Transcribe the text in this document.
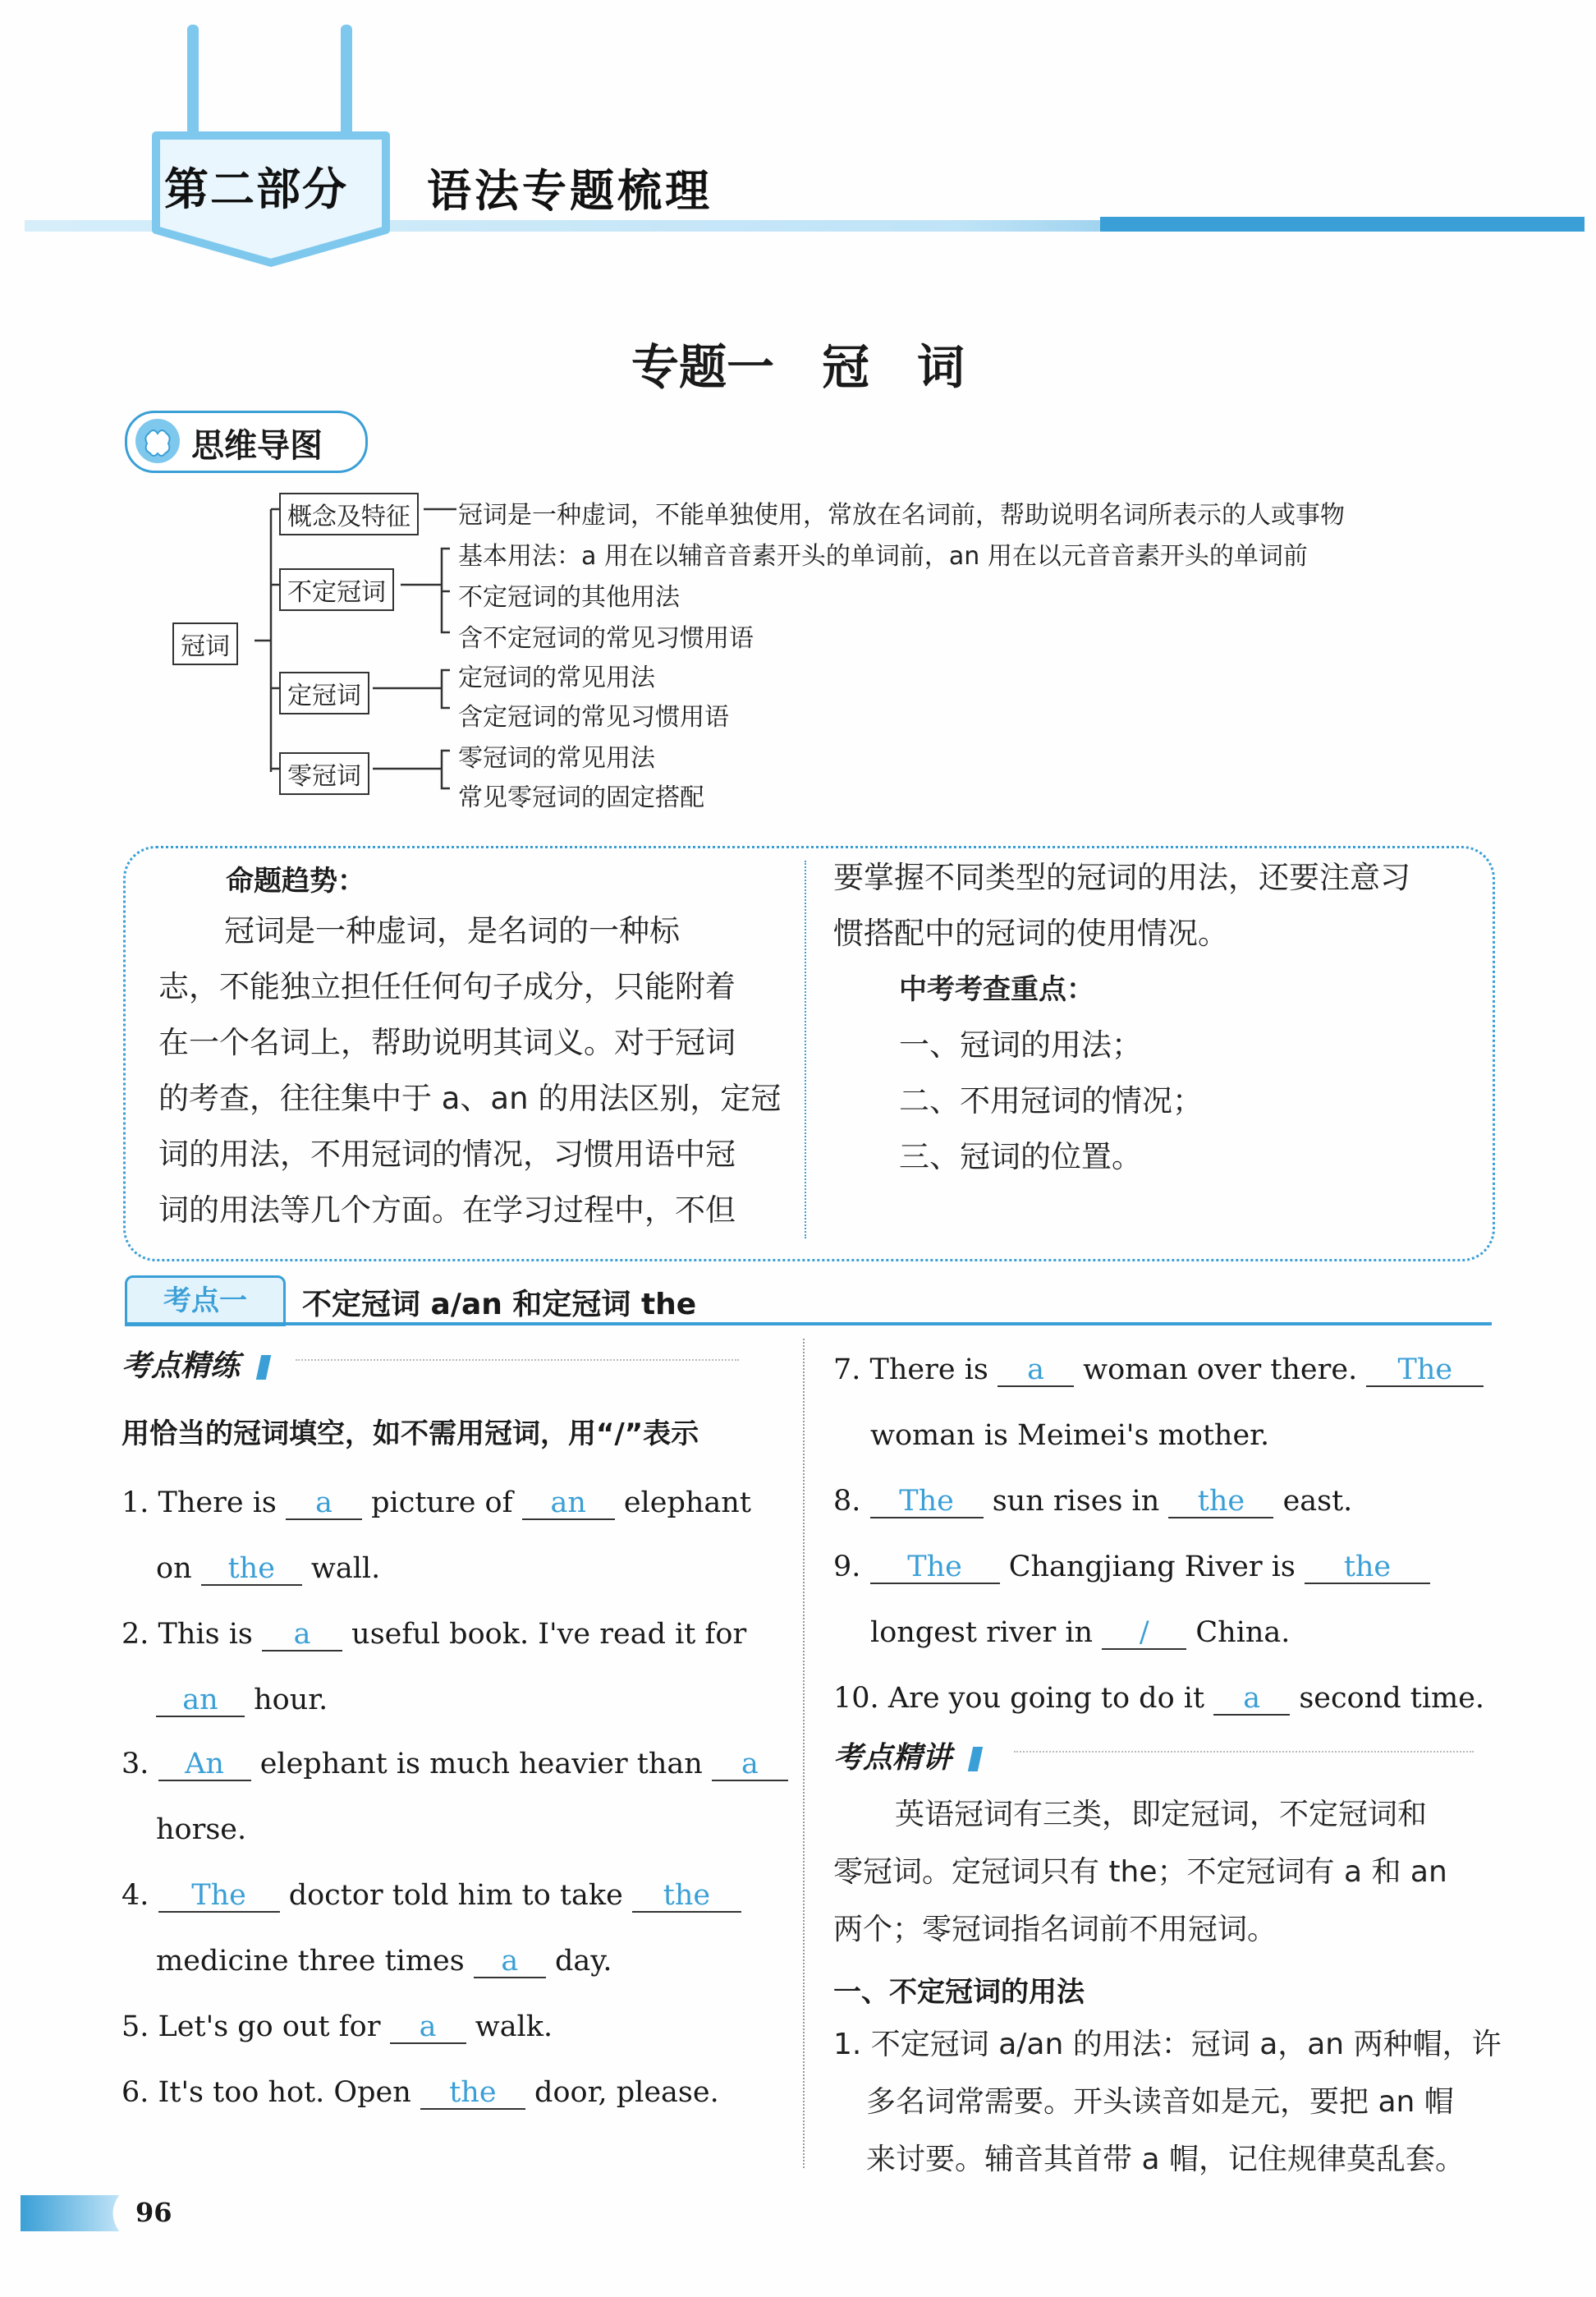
第二部分 语法专题梳理
专题一　冠　词
思维导图
冠词
概念及特征
不定冠词
定冠词
零冠词
冠词是一种虚词，不能单独使用，常放在名词前，帮助说明名词所表示的人或事物
基本用法：a 用在以辅音音素开头的单词前，an 用在以元音音素开头的单词前
不定冠词的其他用法
含不定冠词的常见习惯用语
定冠词的常见用法
含定冠词的常见习惯用语
零冠词的常见用法
常见零冠词的固定搭配
命题趋势：
冠词是一种虚词，是名词的一种标
志，不能独立担任任何句子成分，只能附着
在一个名词上，帮助说明其词义。对于冠词
的考查，往往集中于 a、an 的用法区别，定冠
词的用法，不用冠词的情况，习惯用语中冠
词的用法等几个方面。在学习过程中，不但
要掌握不同类型的冠词的用法，还要注意习
惯搭配中的冠词的使用情况。
中考考查重点：
一、冠词的用法；
二、不用冠词的情况；
三、冠词的位置。
考点一	不定冠词 a/an 和定冠词 the
考点精练
用恰当的冠词填空，如不需用冠词，用“/”表示
1. There is a picture of an elephant
on the wall.
2. This is a useful book. I've read it for
an hour.
3. An elephant is much heavier than a
horse.
4. The doctor told him to take the
medicine three times a day.
5. Let's go out for a walk.
6. It's too hot. Open the door, please.
7. There is a woman over there. The
woman is Meimei's mother.
8. The sun rises in the east.
9. The Changjiang River is the
longest river in / China.
10. Are you going to do it a second time.
考点精讲
英语冠词有三类，即定冠词，不定冠词和
零冠词。定冠词只有 the；不定冠词有 a 和 an
两个；零冠词指名词前不用冠词。
一、不定冠词的用法
1. 不定冠词 a/an 的用法：冠词 a，an 两种帽，许
多名词常需要。开头读音如是元，要把 an 帽
来讨要。辅音其首带 a 帽，记住规律莫乱套。
96
